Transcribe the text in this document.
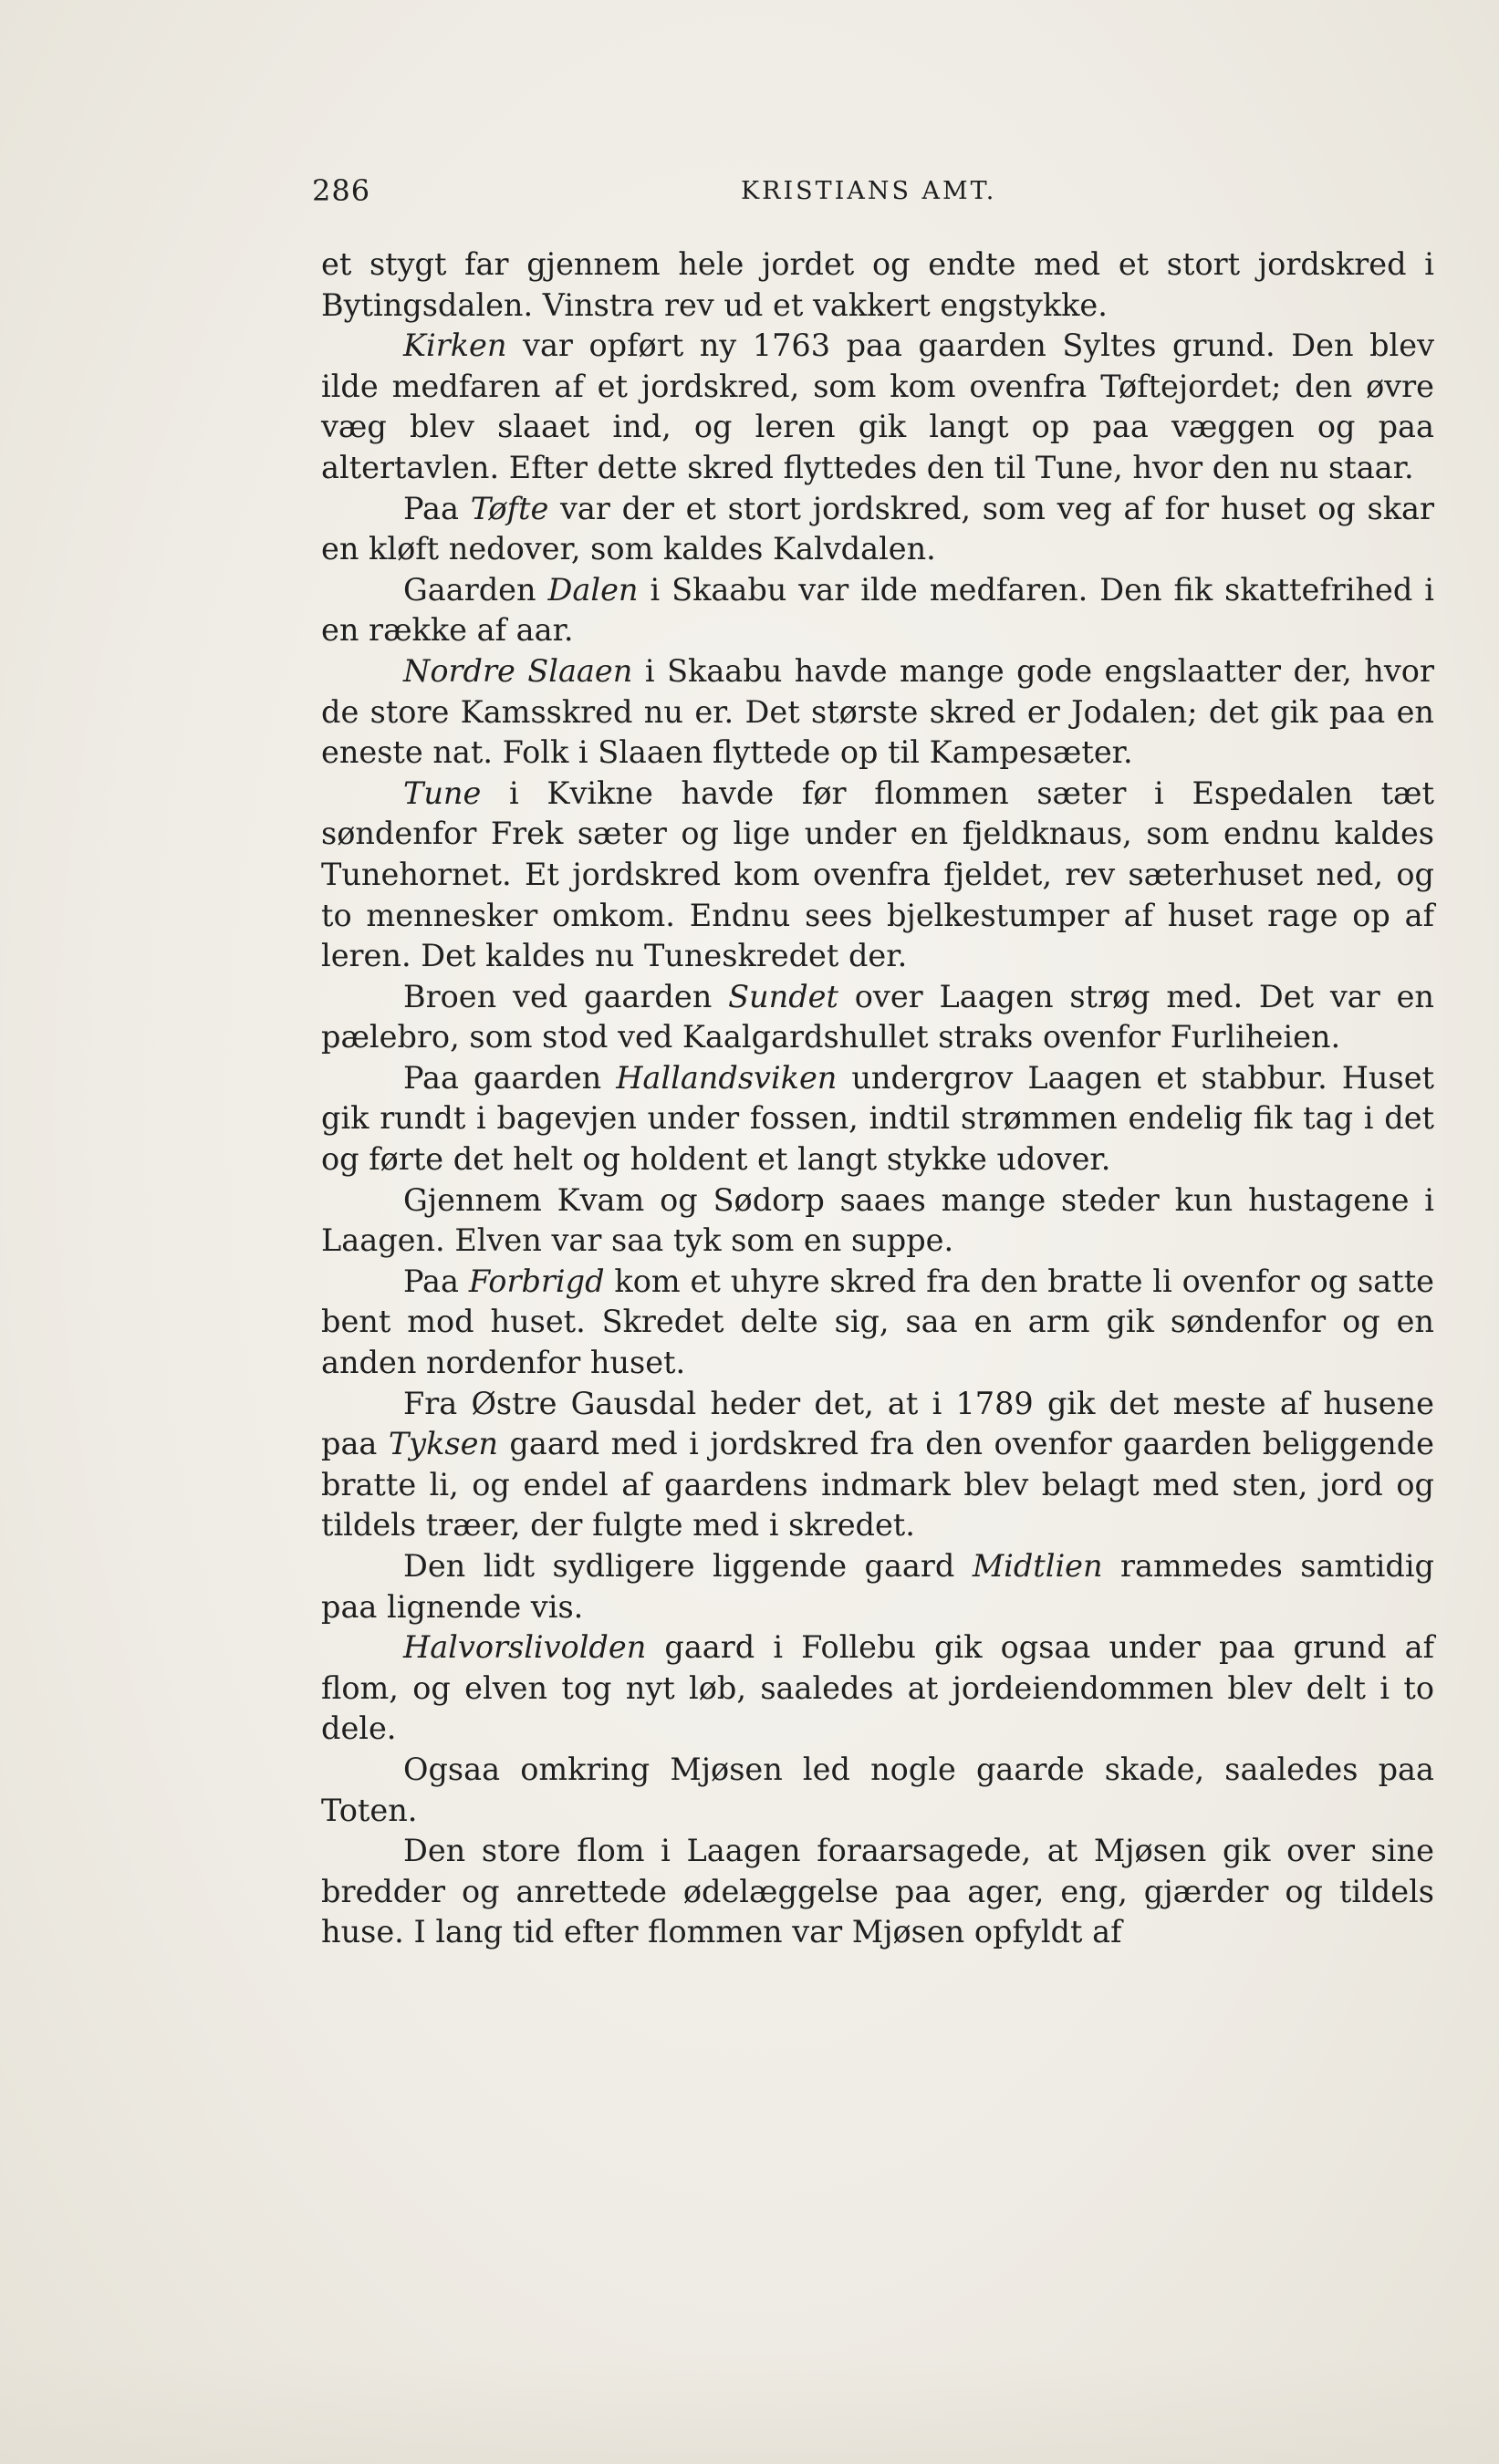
286	KRISTIANS AMT.

et stygt far gjennem hele jordet og endte med et stort jordskred i Bytingsdalen. Vinstra rev ud et vakkert engstykke.

Kirken var opført ny 1763 paa gaarden Syltes grund. Den blev ilde medfaren af et jordskred, som kom ovenfra Tøftejordet; den øvre væg blev slaaet ind, og leren gik langt op paa væggen og paa altertavlen. Efter dette skred flyttedes den til Tune, hvor den nu staar.

Paa Tøfte var der et stort jordskred, som veg af for huset og skar en kløft nedover, som kaldes Kalvdalen.

Gaarden Dalen i Skaabu var ilde medfaren. Den fik skattefrihed i en række af aar.

Nordre Slaaen i Skaabu havde mange gode engslaatter der, hvor de store Kamsskred nu er. Det største skred er Jodalen; det gik paa en eneste nat. Folk i Slaaen flyttede op til Kampesæter.

Tune i Kvikne havde før flommen sæter i Espedalen tæt søndenfor Frek sæter og lige under en fjeldknaus, som endnu kaldes Tunehornet. Et jordskred kom ovenfra fjeldet, rev sæterhuset ned, og to mennesker omkom. Endnu sees bjelkestumper af huset rage op af leren. Det kaldes nu Tuneskredet der.

Broen ved gaarden Sundet over Laagen strøg med. Det var en pælebro, som stod ved Kaalgardshullet straks ovenfor Furliheien.

Paa gaarden Hallandsviken undergrov Laagen et stabbur. Huset gik rundt i bagevjen under fossen, indtil strømmen endelig fik tag i det og førte det helt og holdent et langt stykke udover.

Gjennem Kvam og Sødorp saaes mange steder kun hustagene i Laagen. Elven var saa tyk som en suppe.

Paa Forbrigd kom et uhyre skred fra den bratte li ovenfor og satte bent mod huset. Skredet delte sig, saa en arm gik søndenfor og en anden nordenfor huset.

Fra Østre Gausdal heder det, at i 1789 gik det meste af husene paa Tyksen gaard med i jordskred fra den ovenfor gaarden beliggende bratte li, og endel af gaardens indmark blev belagt med sten, jord og tildels træer, der fulgte med i skredet.

Den lidt sydligere liggende gaard Midtlien rammedes samtidig paa lignende vis.

Halvorslivolden gaard i Follebu gik ogsaa under paa grund af flom, og elven tog nyt løb, saaledes at jordeiendommen blev delt i to dele.

Ogsaa omkring Mjøsen led nogle gaarde skade, saaledes paa Toten.

Den store flom i Laagen foraarsagede, at Mjøsen gik over sine bredder og anrettede ødelæggelse paa ager, eng, gjærder og tildels huse. I lang tid efter flommen var Mjøsen opfyldt af
